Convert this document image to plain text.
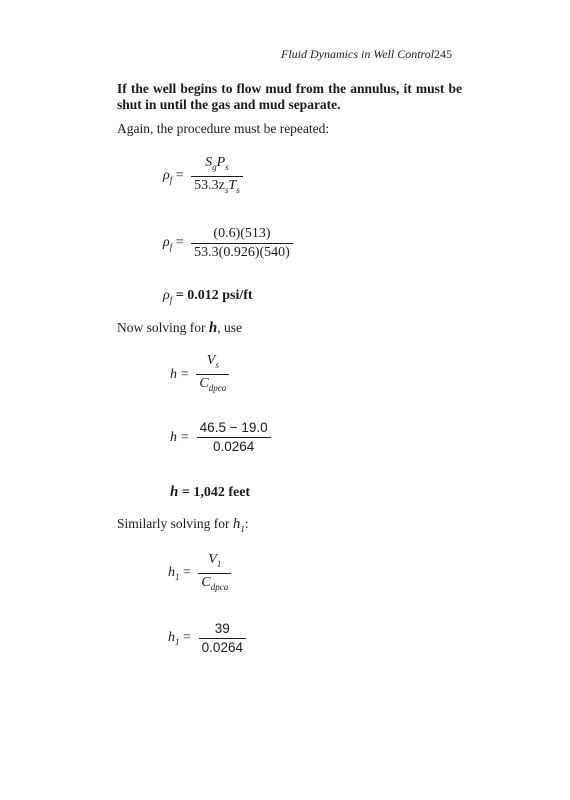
Fluid Dynamics in Well Control 245
If the well begins to flow mud from the annulus, it must be shut in until the gas and mud separate.
Again, the procedure must be repeated:
$\rho_f = \frac{S_gP_s}{53.3z_sT_s}$
$\rho_f = \frac{(0.6)(513)}{53.3(0.926)(540)}$
$\rho_f = 0.012$ psi/ft
Now solving for h, use
$h = \frac{V_s}{C_{dpca}}$
$h = \frac{46.5 - 19.0}{0.0264}$
h = 1,042 feet
Similarly solving for $h_1$:
$h_1 = \frac{V_1}{C_{dpca}}$
$h_1 = \frac{39}{0.0264}$
